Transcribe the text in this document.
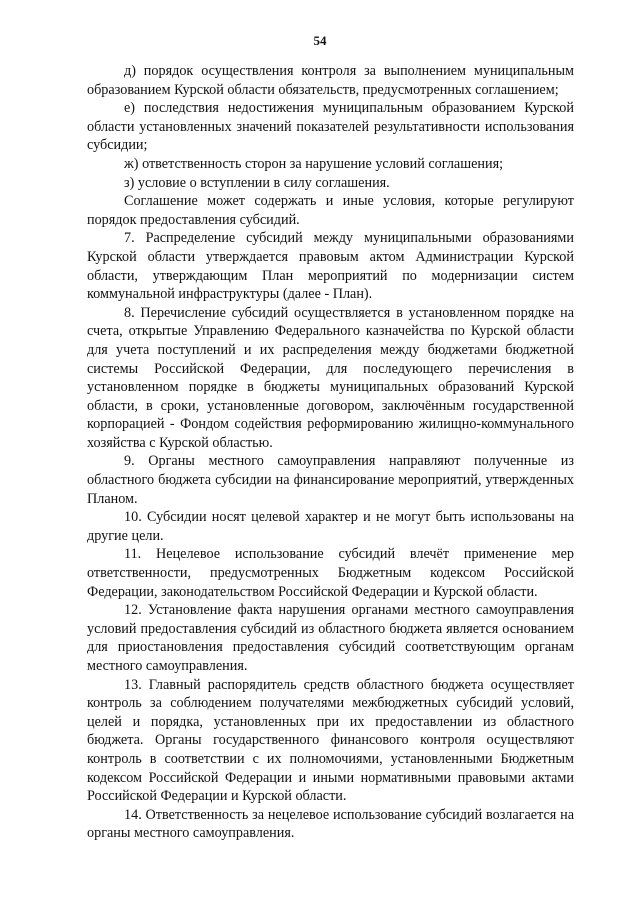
54

д) порядок осуществления контроля за выполнением муниципальным образованием Курской области обязательств, предусмотренных соглашением;

е) последствия недостижения муниципальным образованием Курской области установленных значений показателей результативности использования субсидии;

ж) ответственность сторон за нарушение условий соглашения;

з) условие о вступлении в силу соглашения.

Соглашение может содержать и иные условия, которые регулируют порядок предоставления субсидий.

7. Распределение субсидий между муниципальными образованиями Курской области утверждается правовым актом Администрации Курской области, утверждающим План мероприятий по модернизации систем коммунальной инфраструктуры (далее - План).

8. Перечисление субсидий осуществляется в установленном порядке на счета, открытые Управлению Федерального казначейства по Курской области для учета поступлений и их распределения между бюджетами бюджетной системы Российской Федерации, для последующего перечисления в установленном порядке в бюджеты муниципальных образований Курской области, в сроки, установленные договором, заключённым государственной корпорацией - Фондом содействия реформированию жилищно-коммунального хозяйства с Курской областью.

9. Органы местного самоуправления направляют полученные из областного бюджета субсидии на финансирование мероприятий, утвержденных Планом.

10. Субсидии носят целевой характер и не могут быть использованы на другие цели.

11. Нецелевое использование субсидий влечёт применение мер ответственности, предусмотренных Бюджетным кодексом Российской Федерации, законодательством Российской Федерации и Курской области.

12. Установление факта нарушения органами местного самоуправления условий предоставления субсидий из областного бюджета является основанием для приостановления предоставления субсидий соответствующим органам местного самоуправления.

13. Главный распорядитель средств областного бюджета осуществляет контроль за соблюдением получателями межбюджетных субсидий условий, целей и порядка, установленных при их предоставлении из областного бюджета. Органы государственного финансового контроля осуществляют контроль в соответствии с их полномочиями, установленными Бюджетным кодексом Российской Федерации и иными нормативными правовыми актами Российской Федерации и Курской области.

14. Ответственность за нецелевое использование субсидий возлагается на органы местного самоуправления.
